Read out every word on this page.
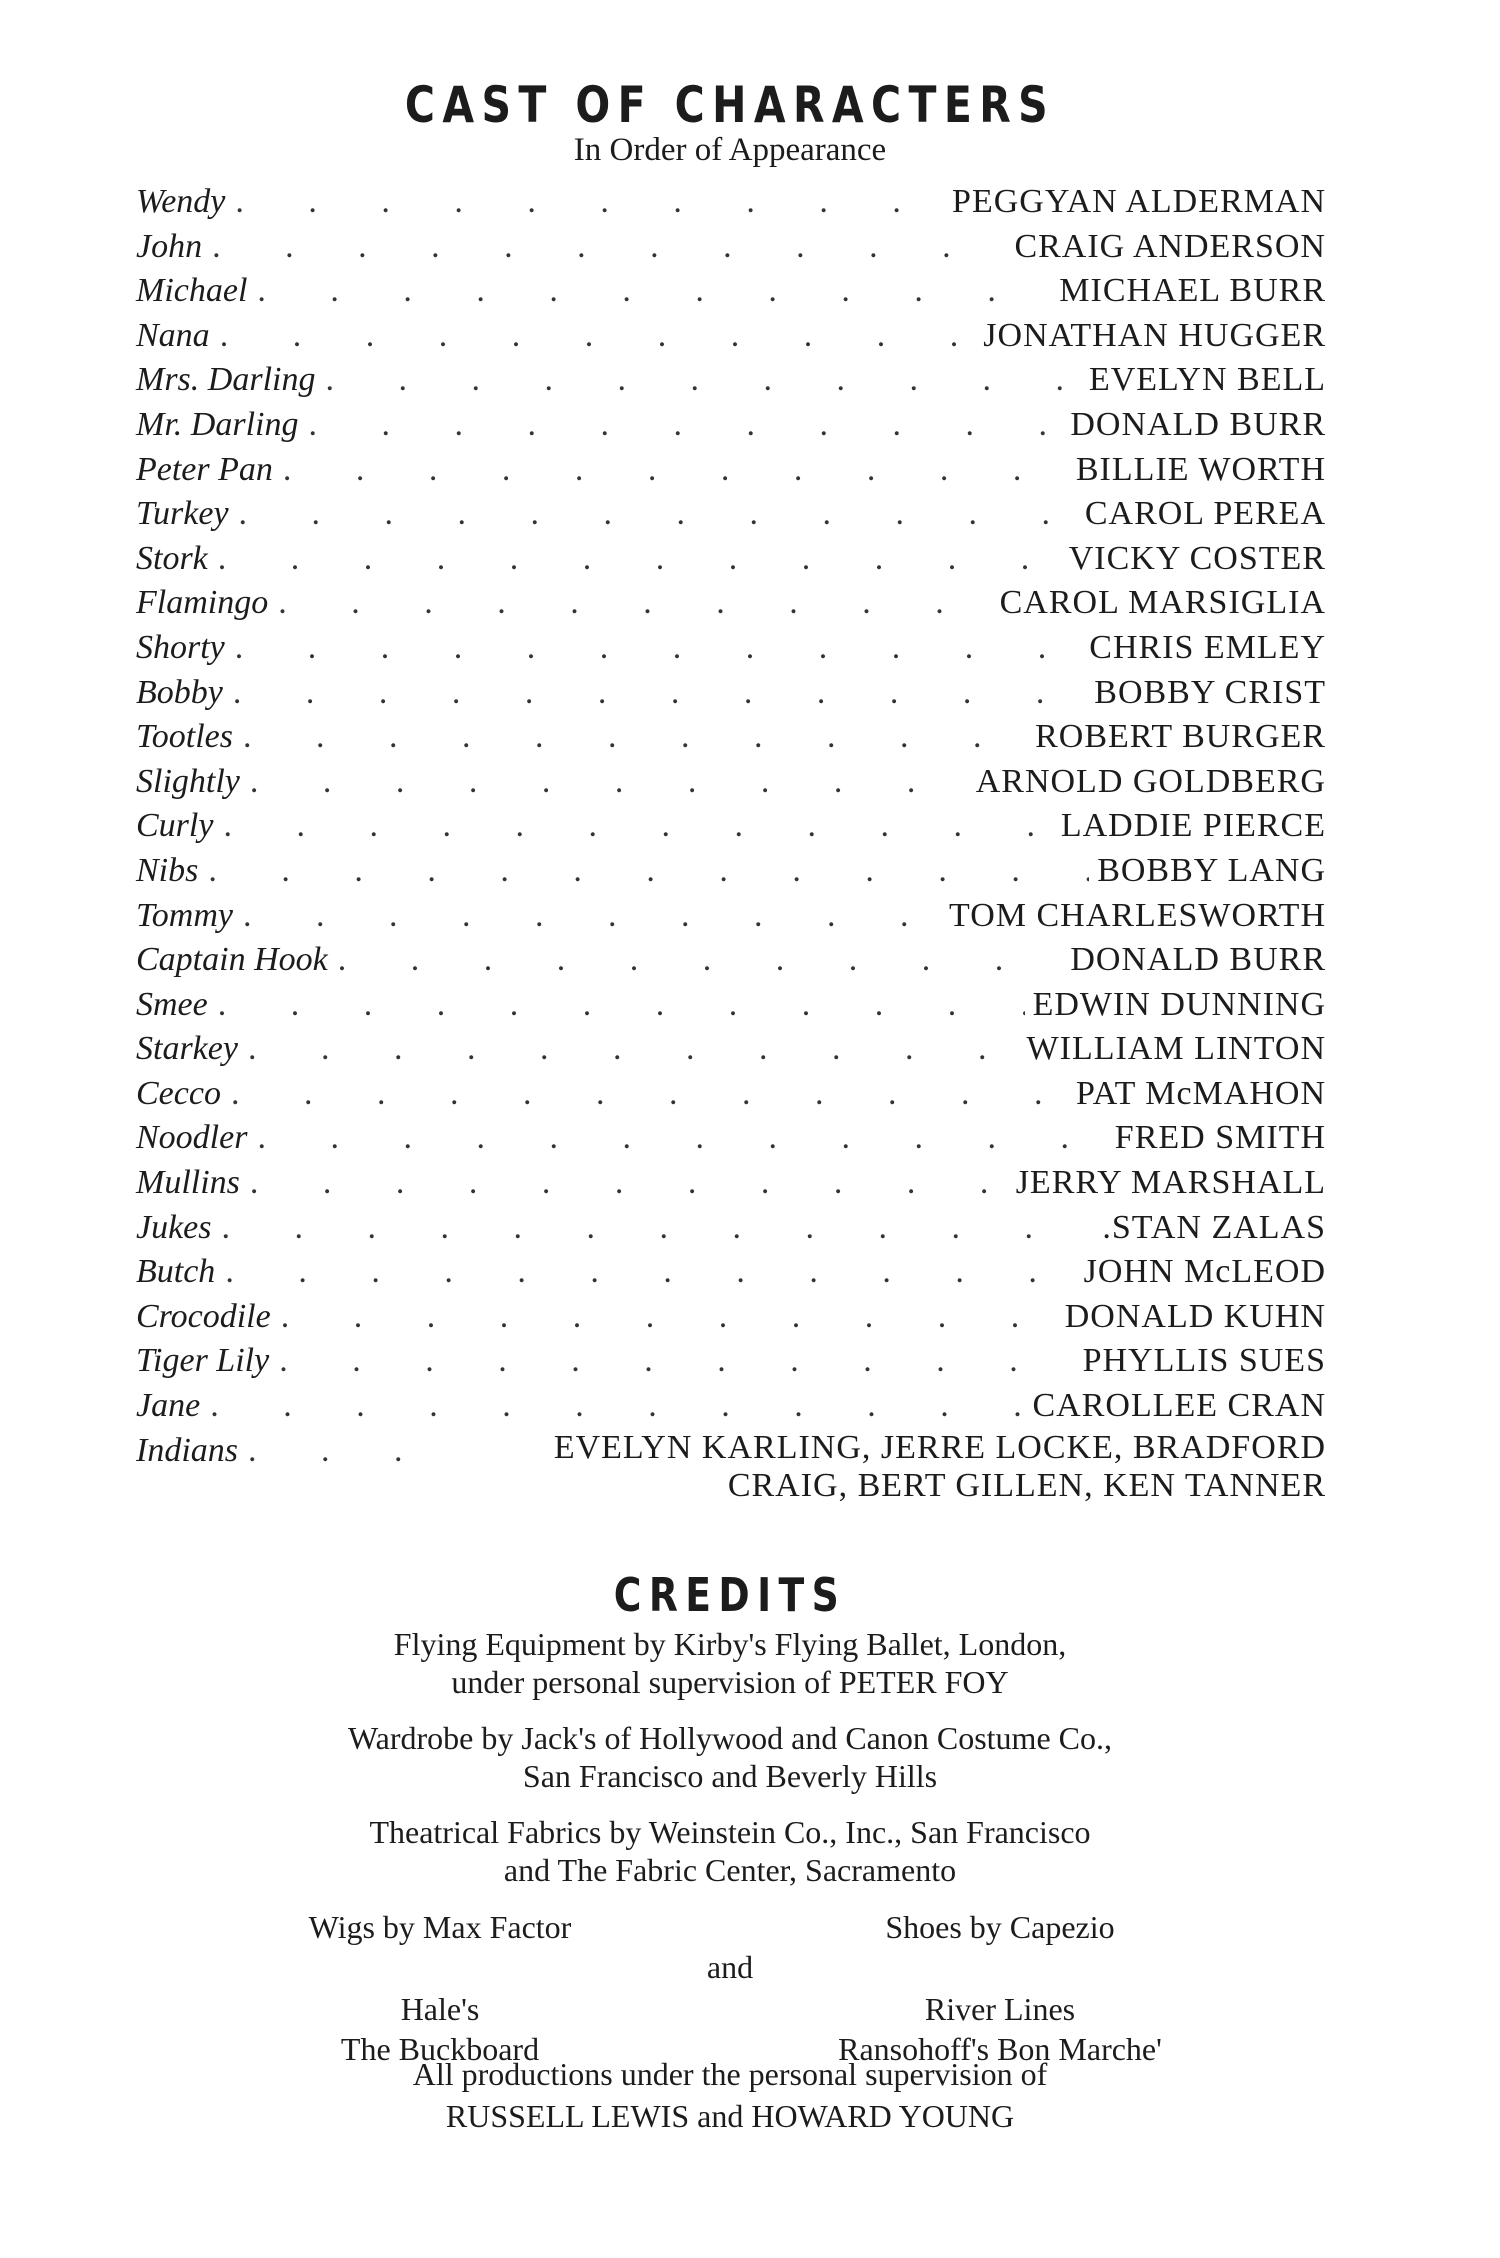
CAST OF CHARACTERS
In Order of Appearance
Wendy . . .	PEGGYAN ALDERMAN
John . . .	CRAIG ANDERSON
Michael . . .	MICHAEL BURR
Nana . . .	JONATHAN HUGGER
Mrs. Darling . . .	EVELYN BELL
Mr. Darling . . .	DONALD BURR
Peter Pan . . .	BILLIE WORTH
Turkey . . .	CAROL PEREA
Stork . . .	VICKY COSTER
Flamingo . . .	CAROL MARSIGLIA
Shorty . . .	CHRIS EMLEY
Bobby . . .	BOBBY CRIST
Tootles . . .	ROBERT BURGER
Slightly . . .	ARNOLD GOLDBERG
Curly . . .	LADDIE PIERCE
Nibs . . .	BOBBY LANG
Tommy . . .	TOM CHARLESWORTH
Captain Hook . . .	DONALD BURR
Smee . . .	EDWIN DUNNING
Starkey . . .	WILLIAM LINTON
Cecco . . .	PAT McMAHON
Noodler . . .	FRED SMITH
Mullins . . .	JERRY MARSHALL
Jukes . . .	.STAN ZALAS
Butch . . .	JOHN McLEOD
Crocodile . . .	DONALD KUHN
Tiger Lily . . .	PHYLLIS SUES
Jane . . .	CAROLLEE CRAN
Indians . . .	EVELYN KARLING, JERRE LOCKE, BRADFORD
CRAIG, BERT GILLEN, KEN TANNER
CREDITS
Flying Equipment by Kirby's Flying Ballet, London,
under personal supervision of PETER FOY
Wardrobe by Jack's of Hollywood and Canon Costume Co.,
San Francisco and Beverly Hills
Theatrical Fabrics by Weinstein Co., Inc., San Francisco
and The Fabric Center, Sacramento
Wigs by Max Factor	Shoes by Capezio
and
Hale's	River Lines
The Buckboard	Ransohoff's Bon Marche'
All productions under the personal supervision of
RUSSELL LEWIS and HOWARD YOUNG
